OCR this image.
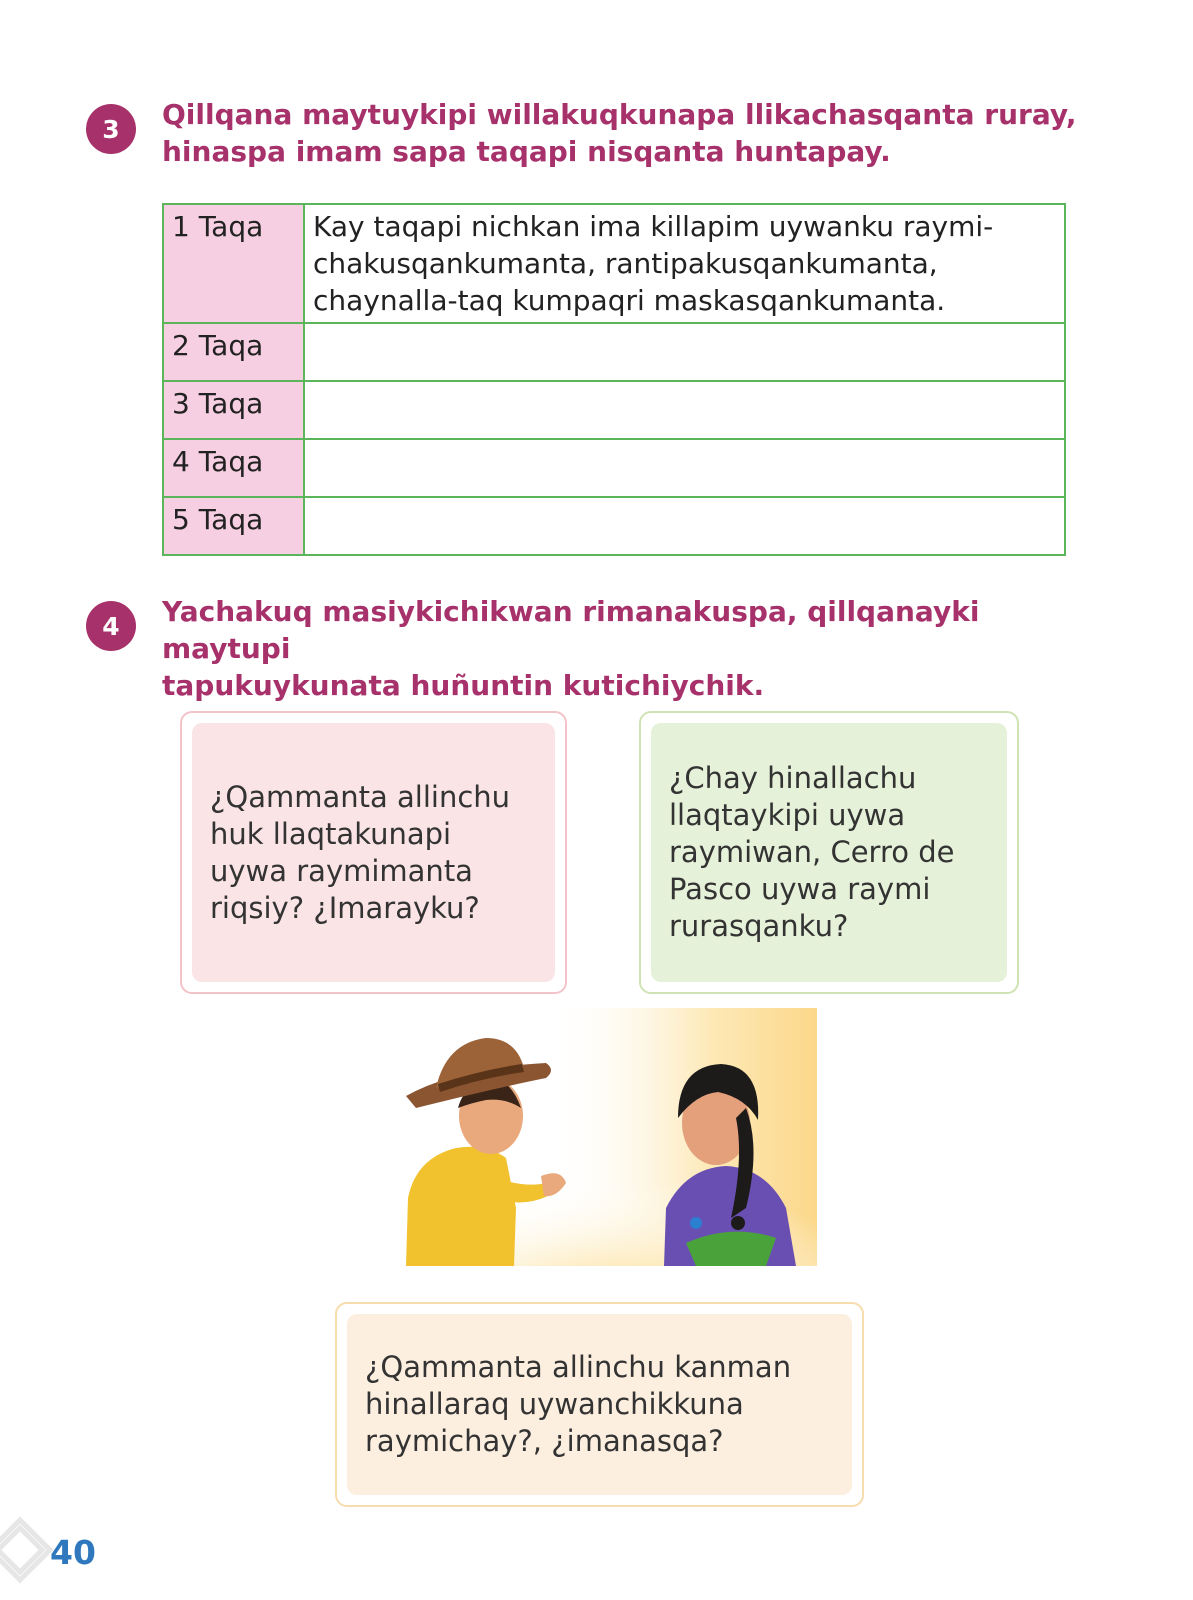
3	Qillqana maytuykipi willakuqkunapa llikachasqanta ruray,
hinaspa imam sapa taqapi nisqanta huntapay.

1 Taqa	Kay taqapi nichkan ima killapim uywanku raymi-chakusqankumanta, rantipakusqankumanta, chaynalla-taq kumpaqri maskasqankumanta.
2 Taqa	
3 Taqa	
4 Taqa	
5 Taqa	
4	Yachakuq masiykichikwan rimanakuspa, qillqanayki maytupi
tapukuykunata huñuntin kutichiychik.

¿Qammanta allinchu huk llaqtakunapi uywa raymimanta riqsiy? ¿Imarayku?
¿Chay hinallachu llaqtaykipi uywa raymiwan, Cerro de Pasco uywa raymi rurasqanku?
¿Qammanta allinchu kanman hinallaraq uywanchikkuna raymichay?, ¿imanasqa?
40
